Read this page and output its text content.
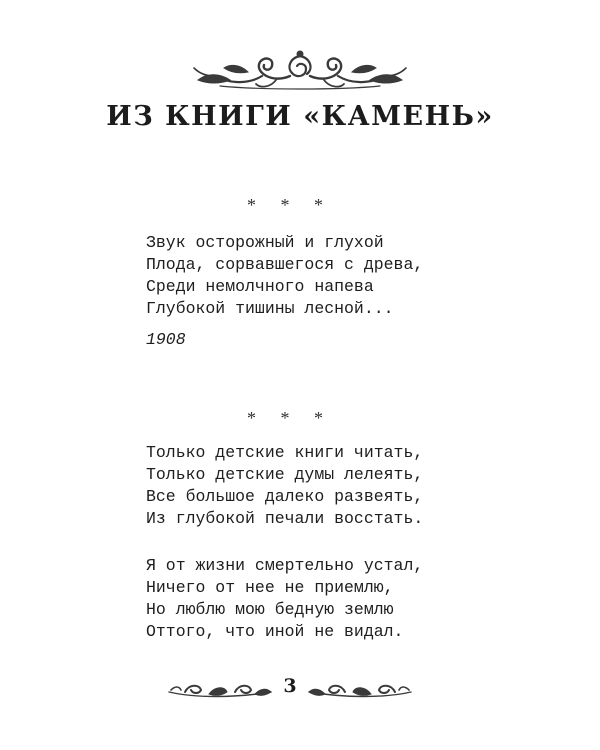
ИЗ КНИГИ «КАМЕНЬ»
* * *
Звук осторожный и глухой
Плода, сорвавшегося с древа,
Среди немолчного напева
Глубокой тишины лесной...
1908
* * *
Только детские книги читать,
Только детские думы лелеять,
Все большое далеко развеять,
Из глубокой печали восстать.
Я от жизни смертельно устал,
Ничего от нее не приемлю,
Но люблю мою бедную землю
Оттого, что иной не видал.
3
